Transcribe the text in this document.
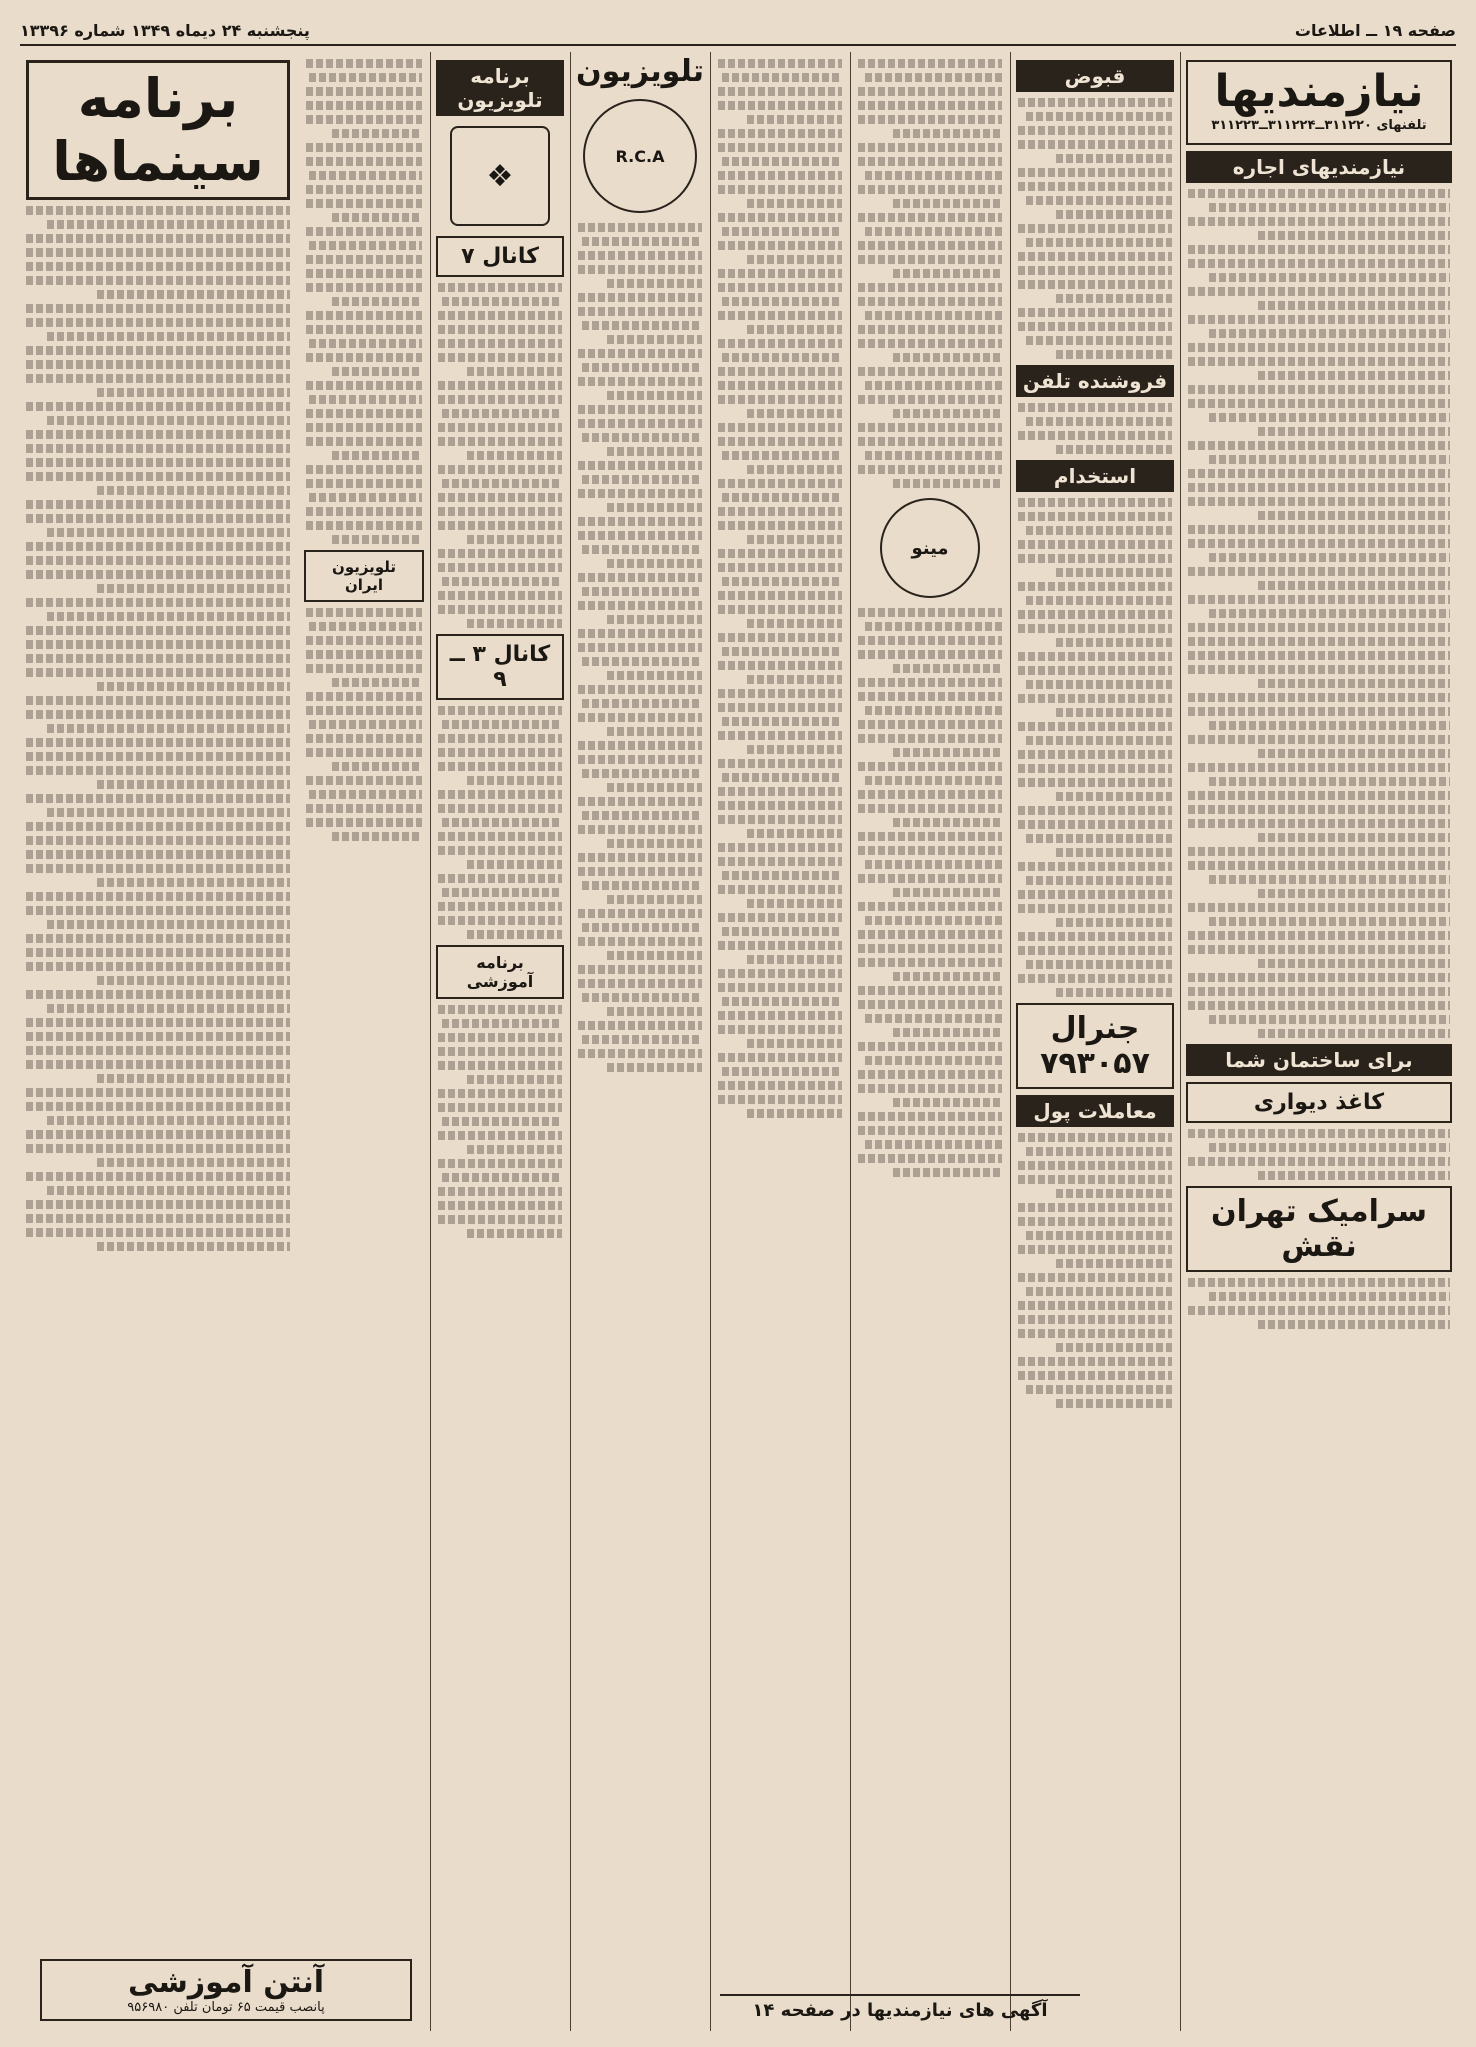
صفحه ۱۹ ــ اطلاعات
پنجشنبه ۲۴ دیماه ۱۳۴۹ شماره ۱۳۳۹۶
نیازمندیها
تلفنهای ۳۱۱۲۲۰ــ۳۱۱۲۲۴ــ۳۱۱۲۲۳
نیازمندیهای اجاره
برای ساختمان شما
کاغذ دیواری
سرامیک تهران نقش
قبوض
فروشنده تلفن
استخدام
جنرال
۷۹۳۰۵۷
معاملات پول
مینو
تلویزیون
R.C.A
برنامه تلویزیون
❖
کانال ۷
کانال ۳ ــ ۹
برنامه آموزشی
تلویزیون ایران
برنامه سینماها
آنتن آموزشی
پانصب قیمت ۶۵ تومان تلفن ۹۵۶۹۸۰	آگهی های نیازمندیها در صفحه ۱۴
